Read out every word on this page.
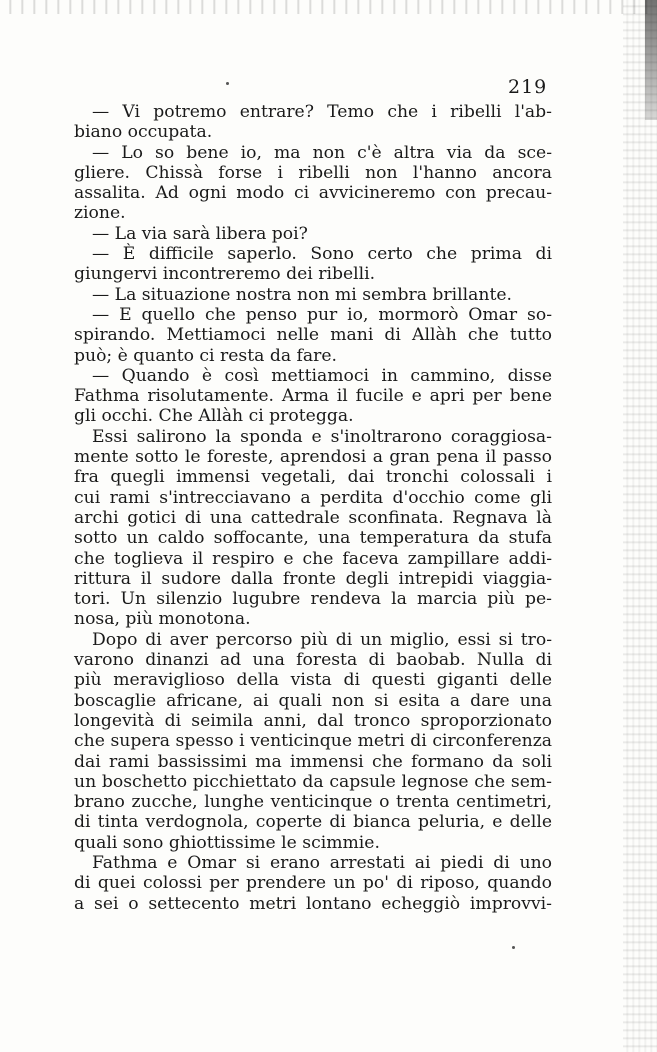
219
— Vi potremo entrare? Temo che i ribelli l'ab-
biano occupata.
— Lo so bene io, ma non c'è altra via da sce-
gliere. Chissà forse i ribelli non l'hanno ancora
assalita. Ad ogni modo ci avvicineremo con precau-
zione.
— La via sarà libera poi?
— È difficile saperlo. Sono certo che prima di
giungervi incontreremo dei ribelli.
— La situazione nostra non mi sembra brillante.
— E quello che penso pur io, mormorò Omar so-
spirando. Mettiamoci nelle mani di Allàh che tutto
può; è quanto ci resta da fare.
— Quando è così mettiamoci in cammino, disse
Fathma risolutamente. Arma il fucile e apri per bene
gli occhi. Che Allàh ci protegga.
Essi salirono la sponda e s'inoltrarono coraggiosa-
mente sotto le foreste, aprendosi a gran pena il passo
fra quegli immensi vegetali, dai tronchi colossali i
cui rami s'intrecciavano a perdita d'occhio come gli
archi gotici di una cattedrale sconfinata. Regnava là
sotto un caldo soffocante, una temperatura da stufa
che toglieva il respiro e che faceva zampillare addi-
rittura il sudore dalla fronte degli intrepidi viaggia-
tori. Un silenzio lugubre rendeva la marcia più pe-
nosa, più monotona.
Dopo di aver percorso più di un miglio, essi si tro-
varono dinanzi ad una foresta di baobab. Nulla di
più meraviglioso della vista di questi giganti delle
boscaglie africane, ai quali non si esita a dare una
longevità di seimila anni, dal tronco sproporzionato
che supera spesso i venticinque metri di circonferenza
dai rami bassissimi ma immensi che formano da soli
un boschetto picchiettato da capsule legnose che sem-
brano zucche, lunghe venticinque o trenta centimetri,
di tinta verdognola, coperte di bianca peluria, e delle
quali sono ghiottissime le scimmie.
Fathma e Omar si erano arrestati ai piedi di uno
di quei colossi per prendere un po' di riposo, quando
a sei o settecento metri lontano echeggiò improvvi-
